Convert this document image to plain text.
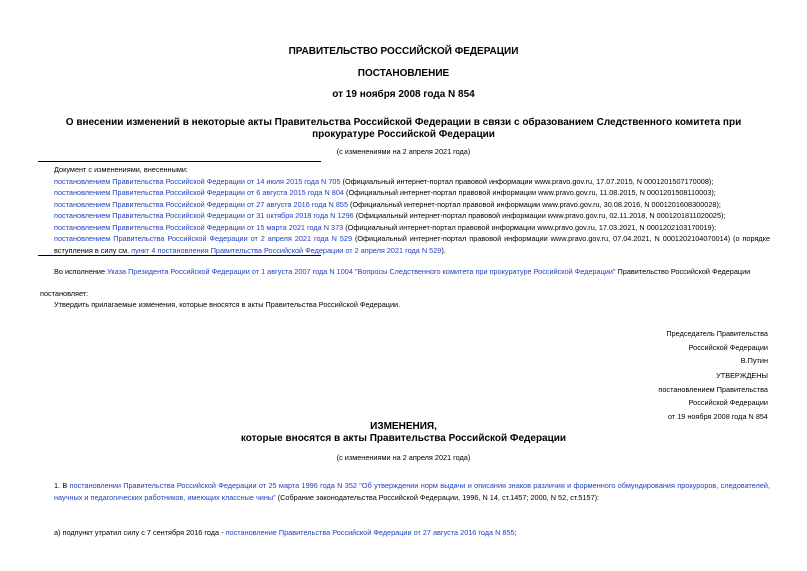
ПРАВИТЕЛЬСТВО РОССИЙСКОЙ ФЕДЕРАЦИИ
ПОСТАНОВЛЕНИЕ
от 19 ноября 2008 года N 854
О внесении изменений в некоторые акты Правительства Российской Федерации в связи с образованием Следственного комитета при прокуратуре Российской Федерации
(с изменениями на 2 апреля 2021 года)

Документ с изменениями, внесенными:

постановлением Правительства Российской Федерации от 14 июля 2015 года N 705 (Официальный интернет-портал правовой информации www.pravo.gov.ru, 17.07.2015, N 0001201507170008);

постановлением Правительства Российской Федерации от 6 августа 2015 года N 804 (Официальный интернет-портал правовой информации www.pravo.gov.ru, 11.08.2015, N 0001201508110003);

постановлением Правительства Российской Федерации от 27 августа 2016 года N 855 (Официальный интернет-портал правовой информации www.pravo.gov.ru, 30.08.2016, N 0001201608300028);

постановлением Правительства Российской Федерации от 31 октября 2018 года N 1296 (Официальный интернет-портал правовой информации www.pravo.gov.ru, 02.11.2018, N 0001201811020025);

постановлением Правительства Российской Федерации от 15 марта 2021 года N 373 (Официальный интернет-портал правовой информации www.pravo.gov.ru, 17.03.2021, N 0001202103170019);

постановлением Правительства Российской Федерации от 2 апреля 2021 года N 529 (Официальный интернет-портал правовой информации www.pravo.gov.ru, 07.04.2021, N 0001202104070014) (о порядке вступления в силу см. пункт 4 постановления Правительства Российской Федерации от 2 апреля 2021 года N 529).

Во исполнение Указа Президента Российской Федерации от 1 августа 2007 года N 1004 "Вопросы Следственного комитета при прокуратуре Российской Федерации" Правительство Российской Федерации
постановляет:
Утвердить прилагаемые изменения, которые вносятся в акты Правительства Российской Федерации.

Председатель Правительства

Российской Федерации

В.Путин

УТВЕРЖДЕНЫ

постановлением Правительства

Российской Федерации

от 19 ноября 2008 года N 854

ИЗМЕНЕНИЯ,
которые вносятся в акты Правительства Российской Федерации
(с изменениями на 2 апреля 2021 года)
1. В постановлении Правительства Российской Федерации от 25 марта 1996 года N 352 "Об утверждении норм выдачи и описания знаков различия и форменного обмундирования прокуроров, следователей, научных и педагогических работников, имеющих классные чины" (Собрание законодательства Российской Федерации, 1996, N 14, ст.1457; 2000, N 52, ст.5157):
а) подпункт утратил силу с 7 сентября 2016 года - постановление Правительства Российской Федерации от 27 августа 2016 года N 855;
